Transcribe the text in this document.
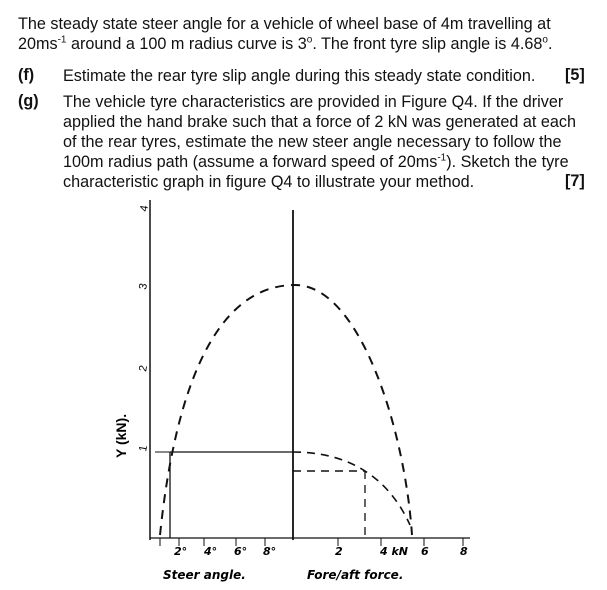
The steady state steer angle for a vehicle of wheel base of 4m travelling at
$20ms^{-1}$ around a 100 m radius curve is 3$^o$. The front tyre slip angle is 4.68$^o$.
(f) Estimate the rear tyre slip angle during this steady state condition. [5]
(g) The vehicle tyre characteristics are provided in Figure Q4. If the driver
applied the hand brake such that a force of 2 kN was generated at each
of the rear tyres, estimate the new steer angle necessary to follow the
100m radius path (assume a forward speed of $20ms^{-1}$). Sketch the tyre
characteristic graph in figure Q4 to illustrate your method.	[7]
1
2
3
4
Y (kN).
2° 4° 6° 8°	2	4 kN 6	8
Steer angle.	Fore/aft force.
